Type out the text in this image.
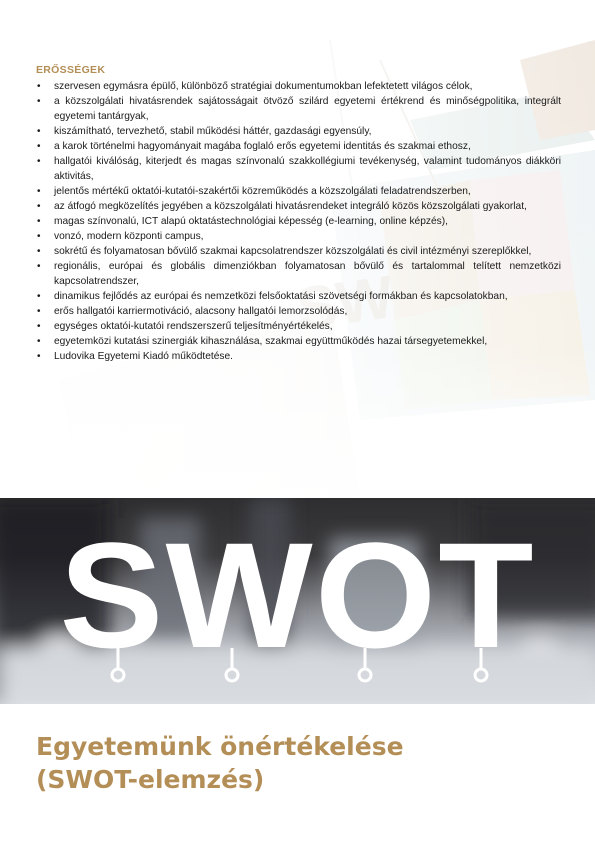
ERŐSSÉGEK
• szervesen egymásra épülő, különböző stratégiai dokumentumokban lefektetett világos célok,
• a közszolgálati hivatásrendek sajátosságait ötvöző szilárd egyetemi értékrend és minőségpolitika, integrált egyetemi tantárgyak,
• kiszámítható, tervezhető, stabil működési háttér, gazdasági egyensúly,
• a karok történelmi hagyományait magába foglaló erős egyetemi identitás és szakmai ethosz,
• hallgatói kiválóság, kiterjedt és magas színvonalú szakkollégiumi tevékenység, valamint tudományos diákköri aktivitás,
• jelentős mértékű oktatói-kutatói-szakértői közreműködés a közszolgálati feladatrendszerben,
• az átfogó megközelítés jegyében a közszolgálati hivatásrendeket integráló közös közszolgálati gyakorlat,
• magas színvonalú, ICT alapú oktatástechnológiai képesség (e-learning, online képzés),
• vonzó, modern központi campus,
• sokrétű és folyamatosan bővülő szakmai kapcsolatrendszer közszolgálati és civil intézményi szereplőkkel,
• regionális, európai és globális dimenziókban folyamatosan bővülő és tartalommal telített nemzetközi kapcsolatrendszer,
• dinamikus fejlődés az európai és nemzetközi felsőoktatási szövetségi formákban és kapcsolatokban,
• erős hallgatói karriermotiváció, alacsony hallgatói lemorzsolódás,
• egységes oktatói-kutatói rendszerszerű teljesítményértékelés,
• egyetemközi kutatási szinergiák kihasználása, szakmai együttműködés hazai társegyetemekkel,
• Ludovika Egyetemi Kiadó működtetése.
SWOT
Egyetemünk önértékelése
(SWOT-elemzés)
